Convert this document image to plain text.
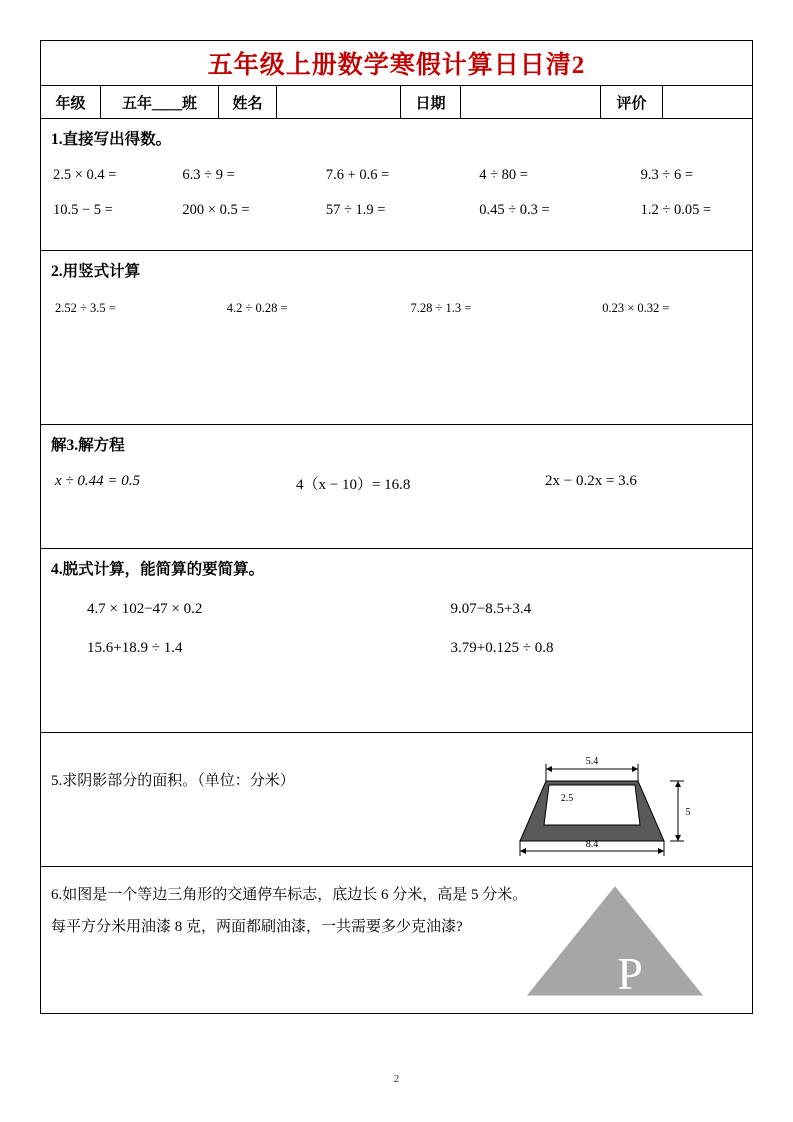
五年级上册数学寒假计算日日清2
年级	五年＿＿班	姓名	日期	评价
1.直接写出得数。
2.5 × 0.4 =	6.3 ÷ 9 =	7.6 + 0.6 =	4 ÷ 80 =	9.3 ÷ 6 =
10.5 − 5 =	200 × 0.5 =	57 ÷ 1.9 =	0.45 ÷ 0.3 =	1.2 ÷ 0.05 =
2.用竖式计算
2.52 ÷ 3.5 =	4.2 ÷ 0.28 =	7.28 ÷ 1.3 =	0.23 × 0.32 =
解3.解方程
x ÷ 0.44 = 0.5	4（x − 10）= 16.8	2x − 0.2x = 3.6
4.脱式计算，能简算的要简算。
4.7 × 102−47 × 0.2	9.07−8.5+3.4
15.6+18.9 ÷ 1.4	3.79+0.125 ÷ 0.8
5.求阴影部分的面积。（单位：分米）
5.4
2.5
5
8.4
6.如图是一个等边三角形的交通停车标志，底边长 6 分米，高是 5 分米。每平方分米用油漆 8 克，两面都刷油漆，一共需要多少克油漆?
P
2
